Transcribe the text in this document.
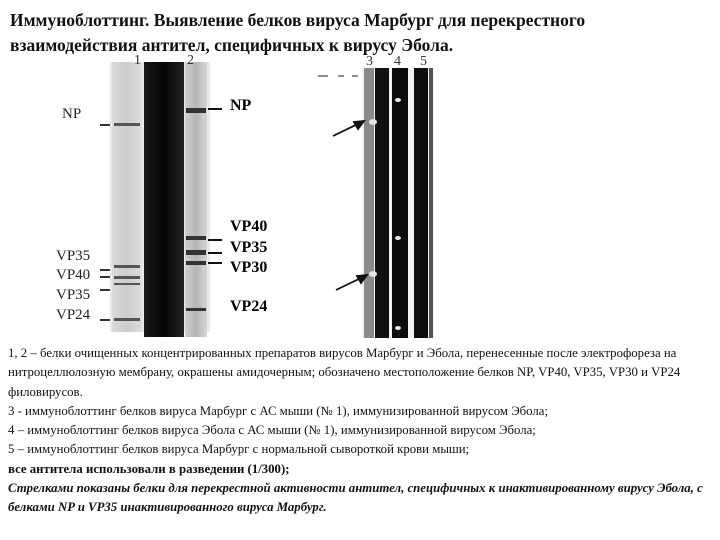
Иммуноблоттинг. Выявление белков вируса Марбург для перекрестного взаимодействия антител, специфичных к вирусу Эбола.
1	2	3 4 5
NP
VP35
VP40
VP35
VP24
NP
VP40
VP35
VP30
VP24

1, 2 – белки очищенных концентрированных препаратов вирусов Марбург и Эбола, перенесенные после электрофореза на нитроцеллюлозную мембрану, окрашены амидочерным; обозначено местоположение белков NP, VP40, VP35, VP30 и VP24 филовирусов.

3 - иммуноблоттинг белков вируса Марбург с АС мыши (№ 1), иммунизированной вирусом Эбола;

4 – иммуноблоттинг белков вируса Эбола с АС мыши (№ 1), иммунизированной вирусом Эбола;

5 – иммуноблоттинг белков вируса Марбург с нормальной сывороткой крови мыши;

все антитела использовали в разведении (1/300);

Стрелками показаны белки для перекрестной активности антител, специфичных к инактивированному вирусу Эбола, с белками NP и VP35 инактивированного вируса Марбург.
